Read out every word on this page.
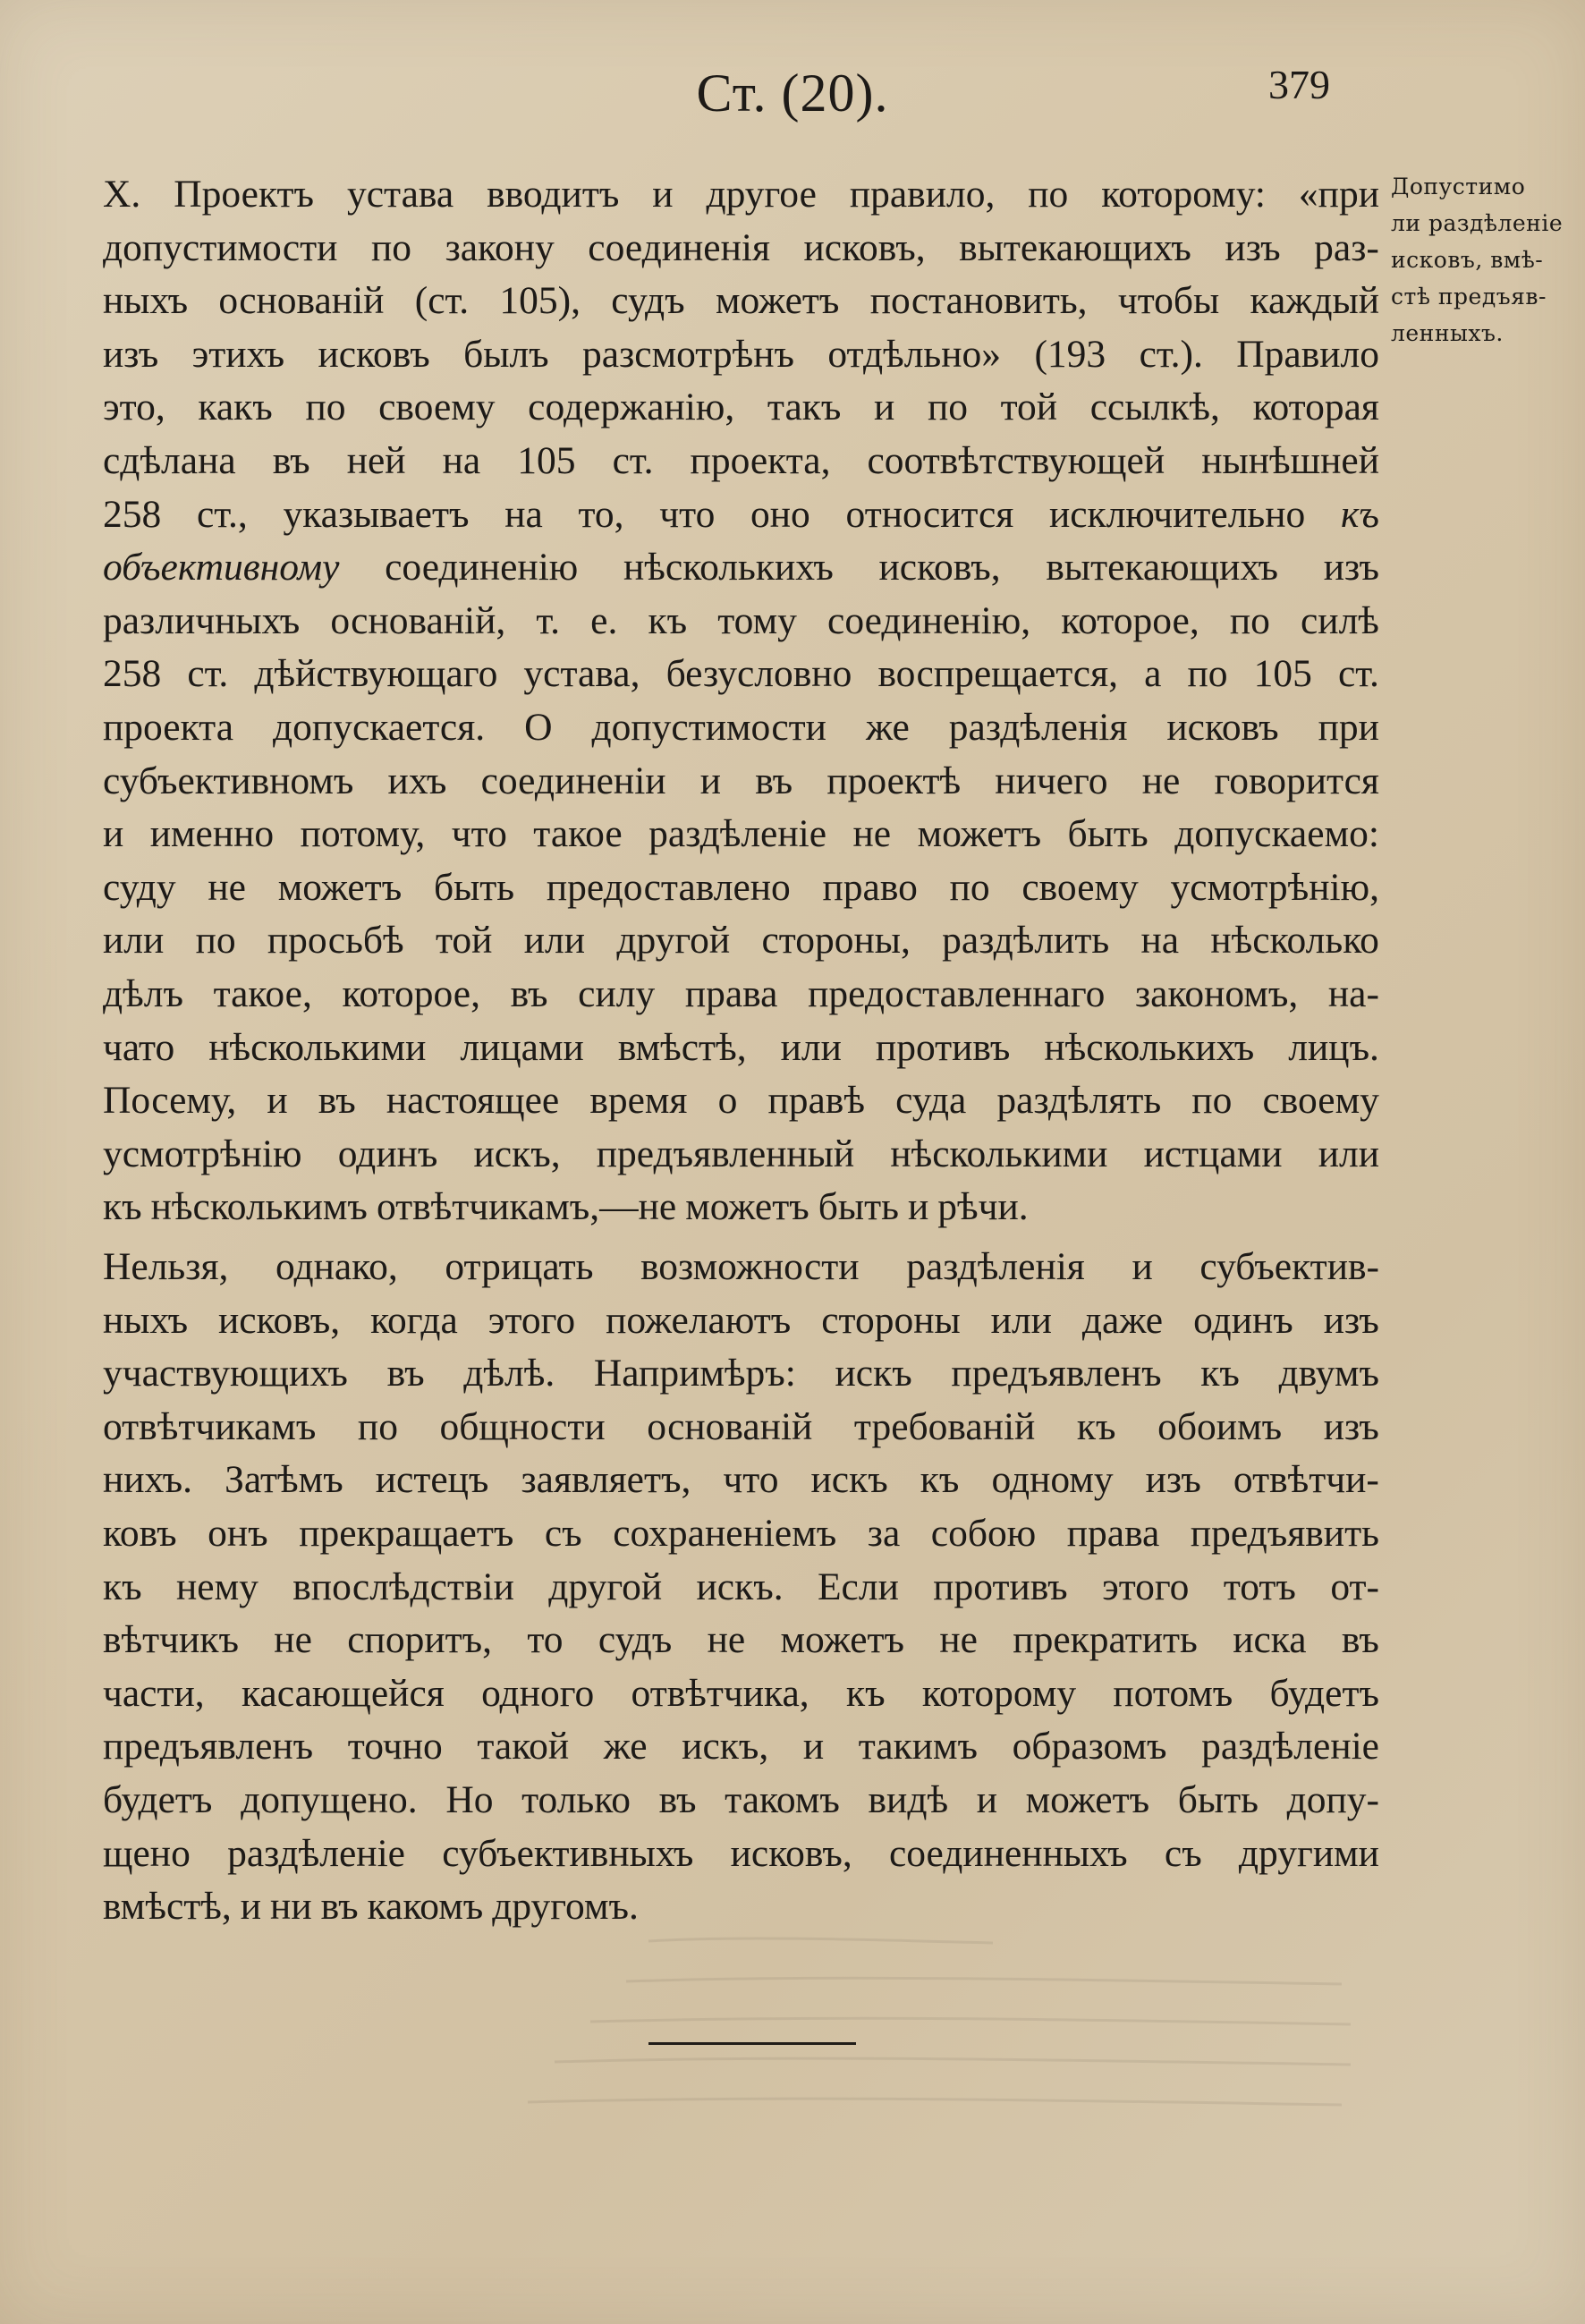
Ст. (20).	379
Допустимо
ли раздѣленіе
исковъ, вмѣ-
стѣ предъяв-
ленныхъ.
X. Проектъ устава вводитъ и другое правило, по которому: «при
допустимости по закону соединенія исковъ, вытекающихъ изъ раз-
ныхъ основаній (ст. 105), судъ можетъ постановить, чтобы каждый
изъ этихъ исковъ былъ разсмотрѣнъ отдѣльно» (193 ст.). Правило
это, какъ по своему содержанію, такъ и по той ссылкѣ, которая
сдѣлана въ ней на 105 ст. проекта, соотвѣтствующей нынѣшней
258 ст., указываетъ на то, что оно относится исключительно къ
объективному соединенію нѣсколькихъ исковъ, вытекающихъ изъ
различныхъ основаній, т. е. къ тому соединенію, которое, по силѣ
258 ст. дѣйствующаго устава, безусловно воспрещается, а по 105 ст.
проекта допускается. О допустимости же раздѣленія исковъ при
субъективномъ ихъ соединеніи и въ проектѣ ничего не говорится
и именно потому, что такое раздѣленіе не можетъ быть допускаемо:
суду не можетъ быть предоставлено право по своему усмотрѣнію,
или по просьбѣ той или другой стороны, раздѣлить на нѣсколько
дѣлъ такое, которое, въ силу права предоставленнаго закономъ, на-
чато нѣсколькими лицами вмѣстѣ, или противъ нѣсколькихъ лицъ.
Посему, и въ настоящее время о правѣ суда раздѣлять по своему
усмотрѣнію одинъ искъ, предъявленный нѣсколькими истцами или
къ нѣсколькимъ отвѣтчикамъ,—не можетъ быть и рѣчи.
Нельзя, однако, отрицать возможности раздѣленія и субъектив-
ныхъ исковъ, когда этого пожелаютъ стороны или даже одинъ изъ
участвующихъ въ дѣлѣ. Напримѣръ: искъ предъявленъ къ двумъ
отвѣтчикамъ по общности основаній требованій къ обоимъ изъ
нихъ. Затѣмъ истецъ заявляетъ, что искъ къ одному изъ отвѣтчи-
ковъ онъ прекращаетъ съ сохраненіемъ за собою права предъявить
къ нему впослѣдствіи другой искъ. Если противъ этого тотъ от-
вѣтчикъ не споритъ, то судъ не можетъ не прекратить иска въ
части, касающейся одного отвѣтчика, къ которому потомъ будетъ
предъявленъ точно такой же искъ, и такимъ образомъ раздѣленіе
будетъ допущено. Но только въ такомъ видѣ и можетъ быть допу-
щено раздѣленіе субъективныхъ исковъ, соединенныхъ съ другими
вмѣстѣ, и ни въ какомъ другомъ.
